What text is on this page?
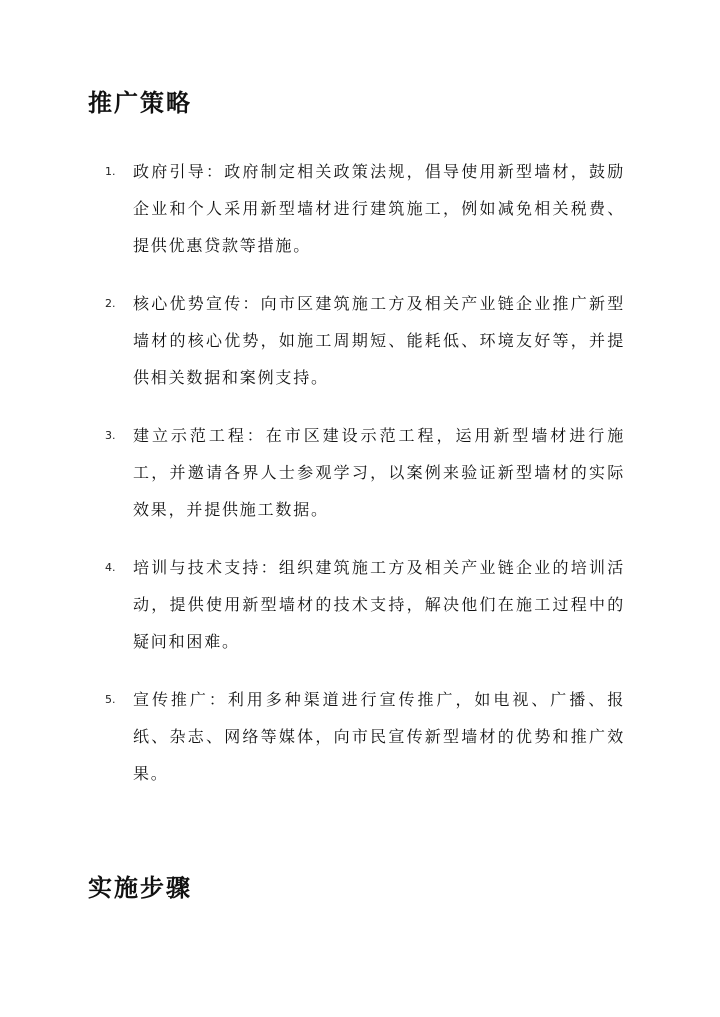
推广策略
1. 政府引导：政府制定相关政策法规，倡导使用新型墙材，鼓励企业和个人采用新型墙材进行建筑施工，例如减免相关税费、提供优惠贷款等措施。
2. 核心优势宣传：向市区建筑施工方及相关产业链企业推广新型墙材的核心优势，如施工周期短、能耗低、环境友好等，并提供相关数据和案例支持。
3. 建立示范工程：在市区建设示范工程，运用新型墙材进行施工，并邀请各界人士参观学习，以案例来验证新型墙材的实际效果，并提供施工数据。
4. 培训与技术支持：组织建筑施工方及相关产业链企业的培训活动，提供使用新型墙材的技术支持，解决他们在施工过程中的疑问和困难。
5. 宣传推广：利用多种渠道进行宣传推广，如电视、广播、报纸、杂志、网络等媒体，向市民宣传新型墙材的优势和推广效果。
实施步骤
